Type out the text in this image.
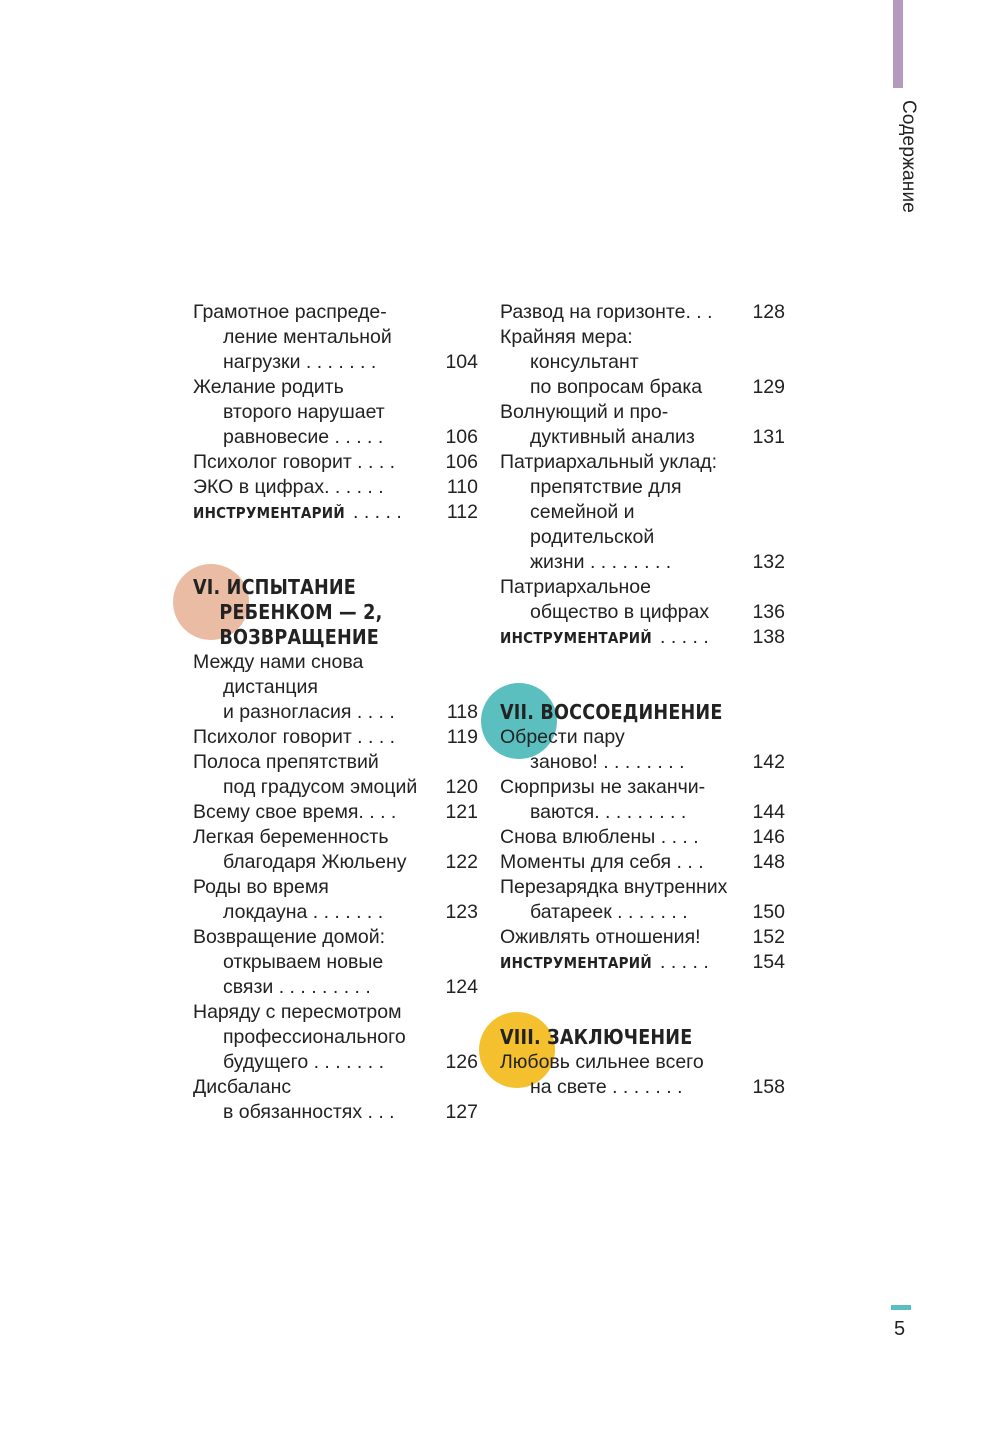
Содержание
Грамотное распреде-
ление ментальной
нагрузки . . . . . . .	104
Желание родить
второго нарушает
равновесие . . . . .	106
Психолог говорит . . . .	106
ЭКО в цифрах. . . . . .	110
ИНСТРУМЕНТАРИЙ . . . . . 112
VI. ИСПЫТАНИЕ
РЕБЕНКОМ — 2,
ВОЗВРАЩЕНИЕ
Между нами снова
дистанция
и разногласия . . . .	118
Психолог говорит . . . .	119
Полоса препятствий
под градусом эмоций 120
Всему свое время. . . .	121
Легкая беременность
благодаря Жюльену 122
Роды во время
локдауна . . . . . . .	123
Возвращение домой:
открываем новые
связи . . . . . . . . .	124
Наряду с пересмотром
профессионального
будущего . . . . . . .	126
Дисбаланс
в обязанностях . . .	127
Развод на горизонте. . . 128
Крайняя мера:
консультант
по вопросам брака	129
Волнующий и про-
дуктивный анализ	131
Патриархальный уклад:
препятствие для
семейной и
родительской
жизни . . . . . . . .	132
Патриархальное
общество в цифрах 136
ИНСТРУМЕНТАРИЙ . . . . . 138
VII. ВОССОЕДИНЕНИЕ
Обрести пару
заново! . . . . . . . .	142
Сюрпризы не заканчи-
ваются. . . . . . . . .	144
Снова влюблены . . . .	146
Моменты для себя . . .	148
Перезарядка внутренних
батареек . . . . . . .	150
Оживлять отношения!	152
ИНСТРУМЕНТАРИЙ . . . . . 154
VIII. ЗАКЛЮЧЕНИЕ
Любовь сильнее всего
на свете . . . . . . .	158
5
